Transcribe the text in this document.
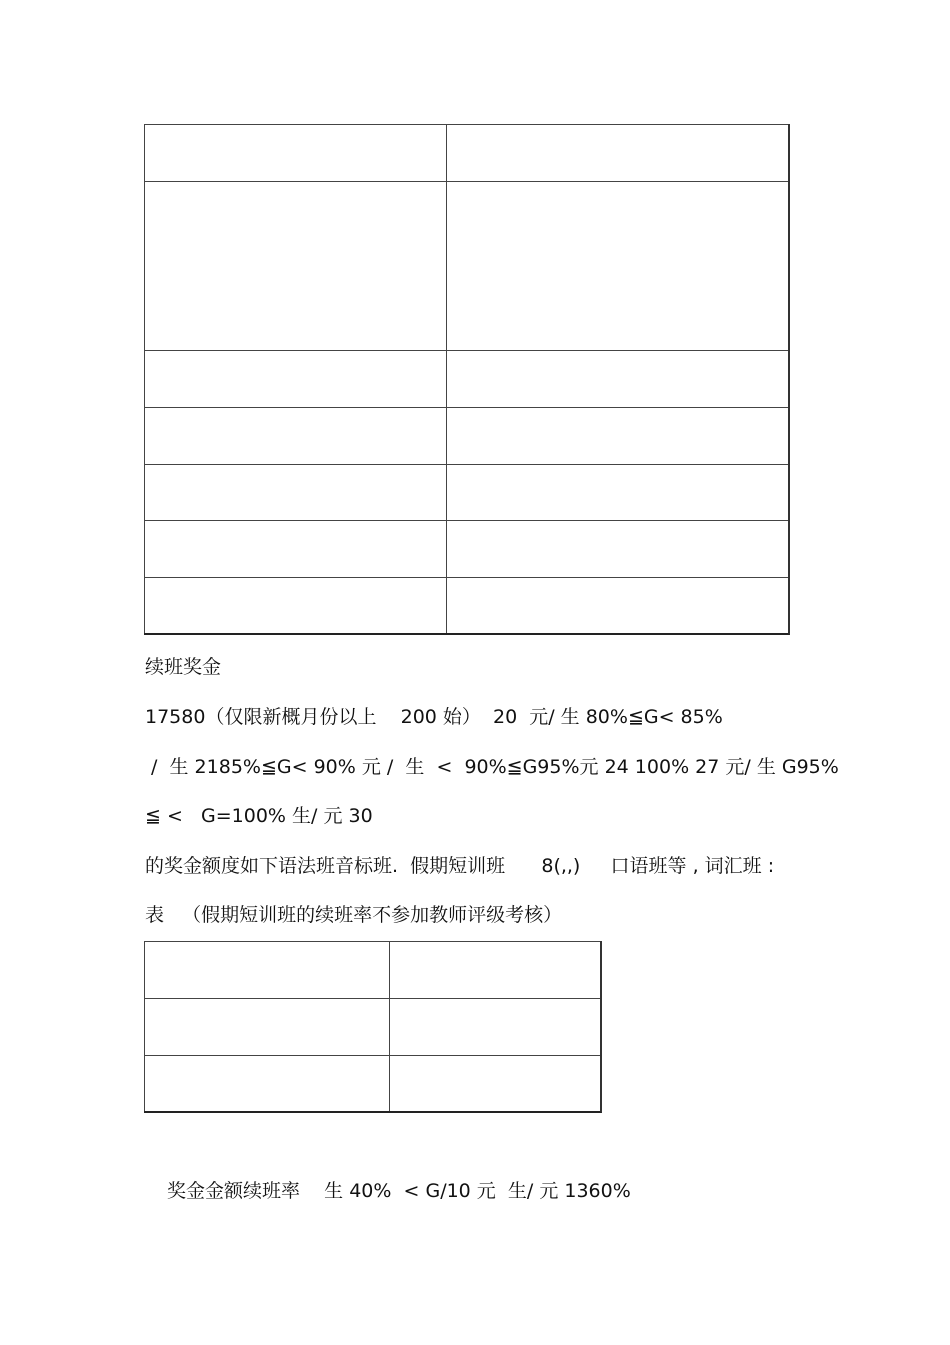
续班奖金
17580（仅限新概月份以上    200 始）  20  元/ 生 80%≦G< 85%
/  生 2185%≦G< 90% 元 /  生  <  90%≦G95%元 24 100% 27 元/ 生 G95%
≦ <   G=100% 生/ 元 30
的奖金额度如下语法班音标班.  假期短训班      8(,,)     口语班等 , 词汇班 :
表   （假期短训班的续班率不参加教师评级考核）
奖金金额续班率    生 40%  < G/10 元  生/ 元 1360%
